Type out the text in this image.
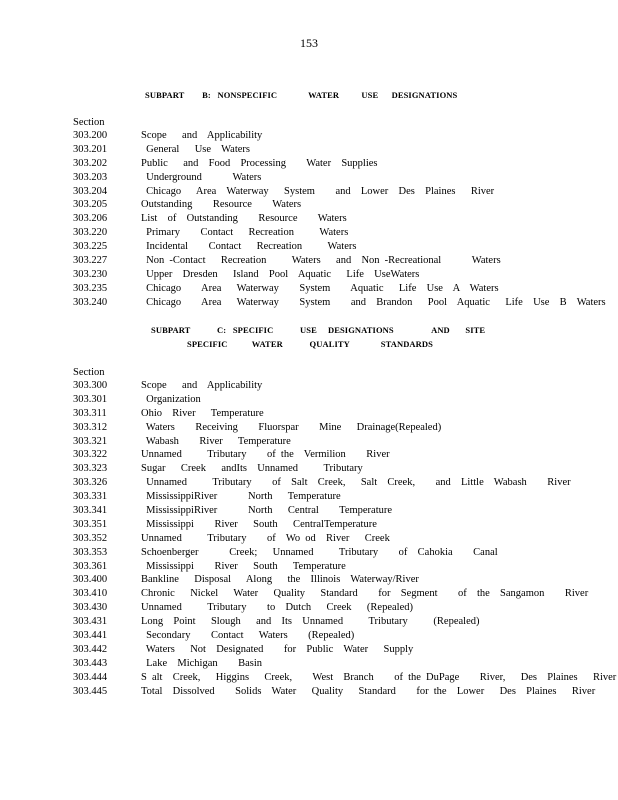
153
SUBPART        B:   NONSPECIFIC              WATER          USE      DESIGNATIONS
Section
303.200	Scope   and  Applicability
303.201	General   Use  Waters
303.202	Public   and  Food  Processing    Water  Supplies
303.203	Underground      Waters
303.204	Chicago   Area  Waterway   System    and  Lower  Des  Plaines   River
303.205	Outstanding    Resource    Waters
303.206	List  of  Outstanding    Resource    Waters
303.220	Primary    Contact   Recreation     Waters
303.225	Incidental    Contact   Recreation     Waters
303.227	Non -Contact   Recreation     Waters   and  Non -Recreational      Waters
303.230	Upper  Dresden   Island  Pool  Aquatic   Life  UseWaters
303.235	Chicago    Area   Waterway    System    Aquatic   Life  Use  A  Waters
303.240	Chicago    Area   Waterway    System    and  Brandon   Pool  Aquatic   Life  Use  B  Waters
SUBPART            C:   SPECIFIC            USE     DESIGNATIONS                 AND       SITE
SPECIFIC           WATER            QUALITY              STANDARDS
Section
303.300	Scope   and  Applicability
303.301	Organization
303.311	Ohio  River   Temperature
303.312	Waters    Receiving    Fluorspar    Mine   Drainage(Repealed)
303.321	Wabash    River   Temperature
303.322	Unnamed     Tributary    of the  Vermilion    River
303.323	Sugar   Creek   andIts  Unnamed     Tributary
303.326	Unnamed     Tributary    of  Salt  Creek,   Salt  Creek,    and  Little  Wabash    River
303.331	MississippiRiver      North   Temperature
303.341	MississippiRiver      North   Central    Temperature
303.351	Mississippi    River   South   CentralTemperature
303.352	Unnamed     Tributary    of  Wo od  River   Creek
303.353	Schoenberger      Creek;   Unnamed     Tributary    of  Cahokia    Canal
303.361	Mississippi    River   South   Temperature
303.400	Bankline   Disposal   Along   the  Illinois  Waterway/River
303.410	Chronic   Nickel   Water   Quality   Standard    for  Segment    of  the  Sangamon    River
303.430	Unnamed     Tributary    to  Dutch   Creek   (Repealed)
303.431	Long  Point   Slough   and  Its  Unnamed     Tributary     (Repealed)
303.441	Secondary    Contact   Waters    (Repealed)
303.442	Waters   Not  Designated    for  Public  Water   Supply
303.443	Lake  Michigan    Basin
303.444	S alt  Creek,   Higgins   Creek,    West  Branch    of the DuPage    River,   Des  Plaines   River
303.445	Total  Dissolved    Solids  Water   Quality   Standard    for the  Lower   Des  Plaines   River
